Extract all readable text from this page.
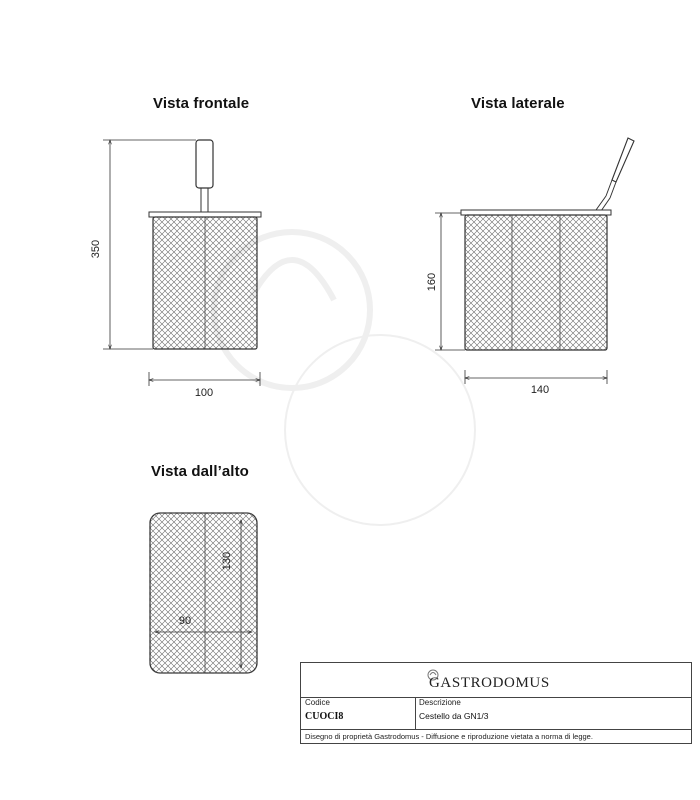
Vista frontale	Vista laterale
Vista dall’alto
350
100
160
140
130
90
GASTRODOMUS
Codice
CUOCI8
Descrizione
Cestello da GN1/3
Disegno di proprietà Gastrodomus - Diffusione e riproduzione vietata a norma di legge.
